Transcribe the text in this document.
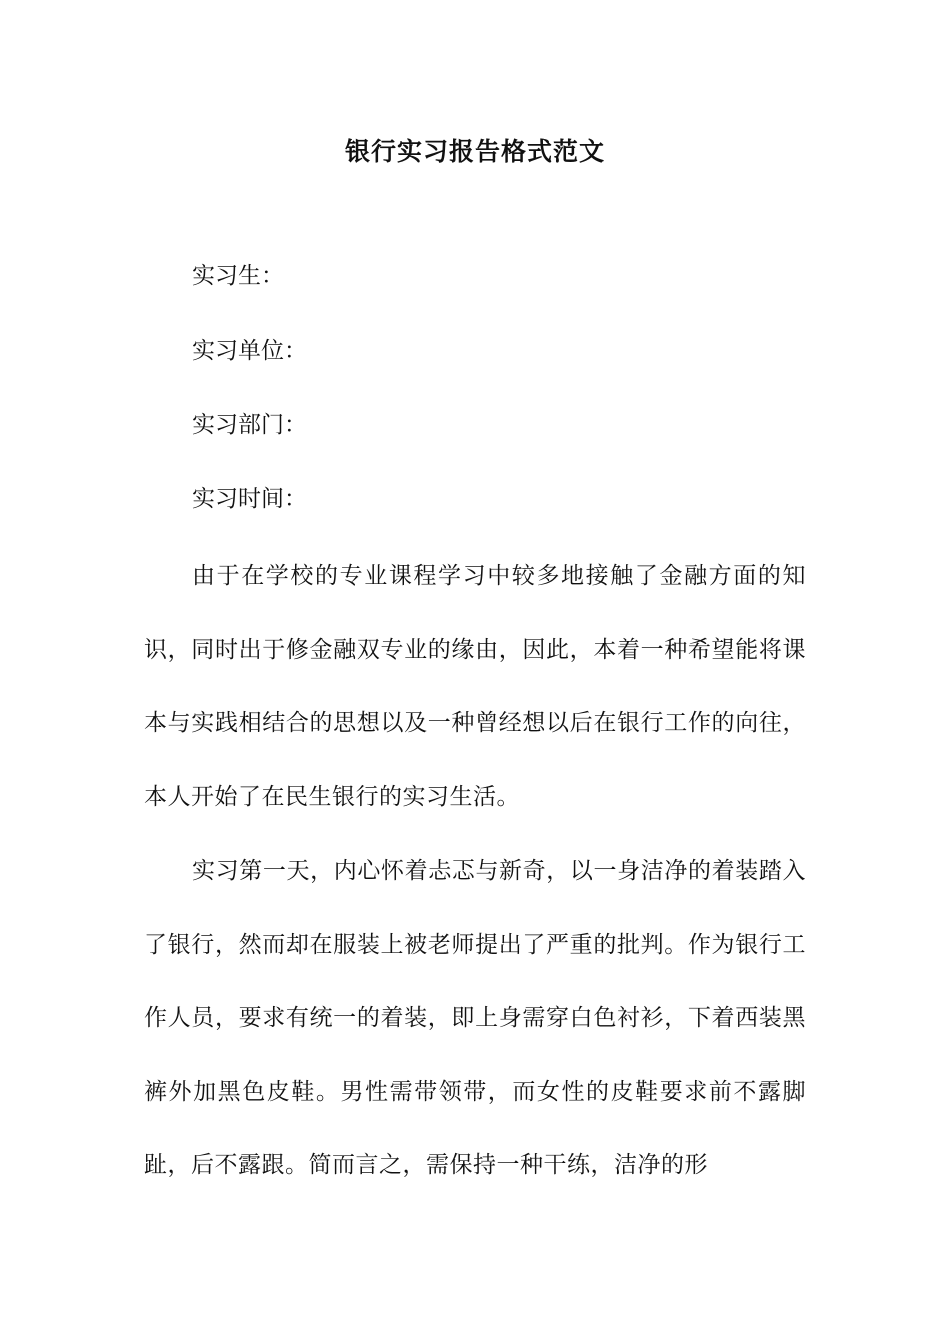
银行实习报告格式范文
实习生：
实习单位：
实习部门：
实习时间：

由于在学校的专业课程学习中较多地接触了金融方面的知识，同时出于修金融双专业的缘由，因此，本着一种希望能将课本与实践相结合的思想以及一种曾经想以后在银行工作的向往，本人开始了在民生银行的实习生活。

实习第一天，内心怀着忐忑与新奇，以一身洁净的着装踏入了银行，然而却在服装上被老师提出了严重的批判。作为银行工作人员，要求有统一的着装，即上身需穿白色衬衫，下着西装黑裤外加黑色皮鞋。男性需带领带，而女性的皮鞋要求前不露脚趾，后不露跟。简而言之，需保持一种干练，洁净的形
